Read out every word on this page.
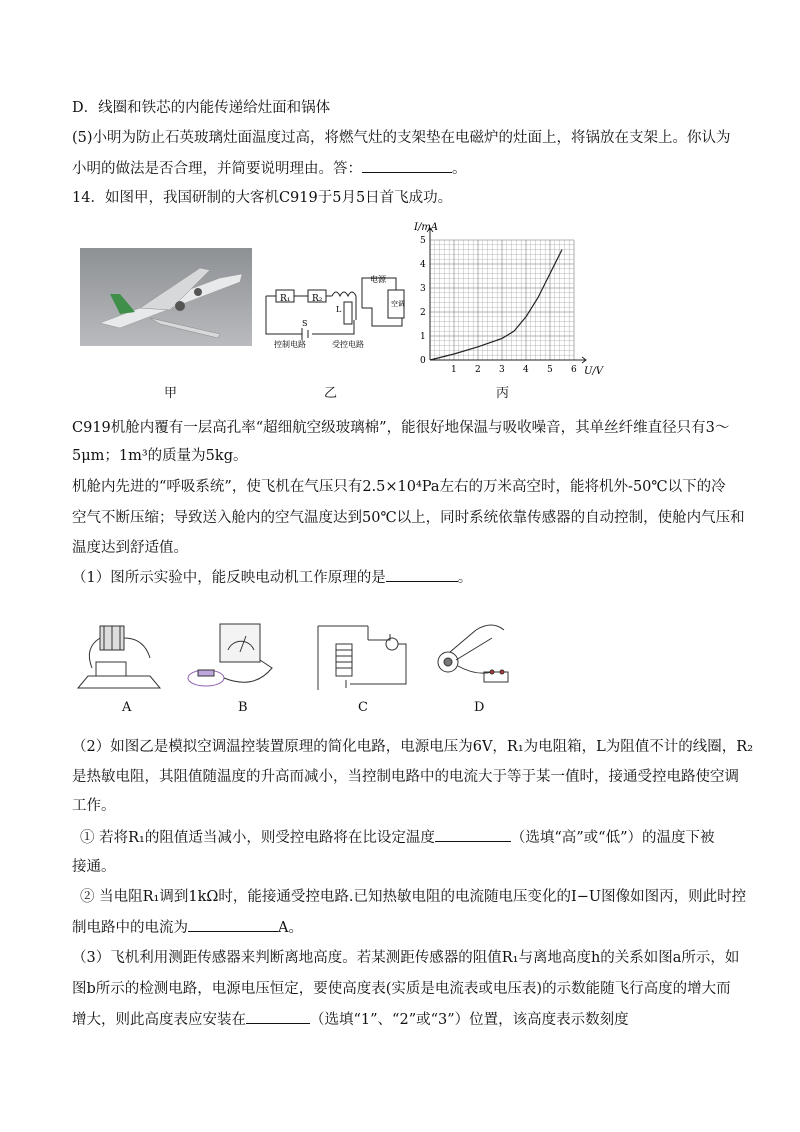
D．线圈和铁芯的内能传递给灶面和锅体
(5)小明为防止石英玻璃灶面温度过高，将燃气灶的支架垫在电磁炉的灶面上，将锅放在支架上。你认为
小明的做法是否合理，并简要说明理由。答：	。
14．如图甲，我国研制的大客机C919于5月5日首飞成功。
R₁ R₂
L
S
电源
空调
控制电路	受控电路
I/mA
U/V
1 2 3 4 5 6
0
1
2
3
4
5
甲	乙	丙
C919机舱内覆有一层高孔率“超细航空级玻璃棉”，能很好地保温与吸收噪音，其单丝纤维直径只有3～
5μm；1m³的质量为5kg。
机舱内先进的“呼吸系统”，使飞机在气压只有2.5×10⁴Pa左右的万米高空时，能将机外-50℃以下的冷
空气不断压缩；导致送入舱内的空气温度达到50℃以上，同时系统依靠传感器的自动控制，使舱内气压和
温度达到舒适值。
（1）图所示实验中，能反映电动机工作原理的是	。
A	B	C	D
（2）如图乙是模拟空调温控装置原理的简化电路，电源电压为6V，R₁为电阻箱，L为阻值不计的线圈，R₂
是热敏电阻，其阻值随温度的升高而减小，当控制电路中的电流大于等于某一值时，接通受控电路使空调
工作。
① 若将R₁的阻值适当减小，则受控电路将在比设定温度	（选填“高”或“低”）的温度下被
接通。
② 当电阻R₁调到1kΩ时，能接通受控电路.已知热敏电阻的电流随电压变化的I−U图像如图丙，则此时控
制电路中的电流为	A。
（3）飞机利用测距传感器来判断离地高度。若某测距传感器的阻值R₁与离地高度h的关系如图a所示，如
图b所示的检测电路，电源电压恒定，要使高度表(实质是电流表或电压表)的示数能随飞行高度的增大而
增大，则此高度表应安装在	（选填“1”、“2”或“3”）位置，该高度表示数刻度
